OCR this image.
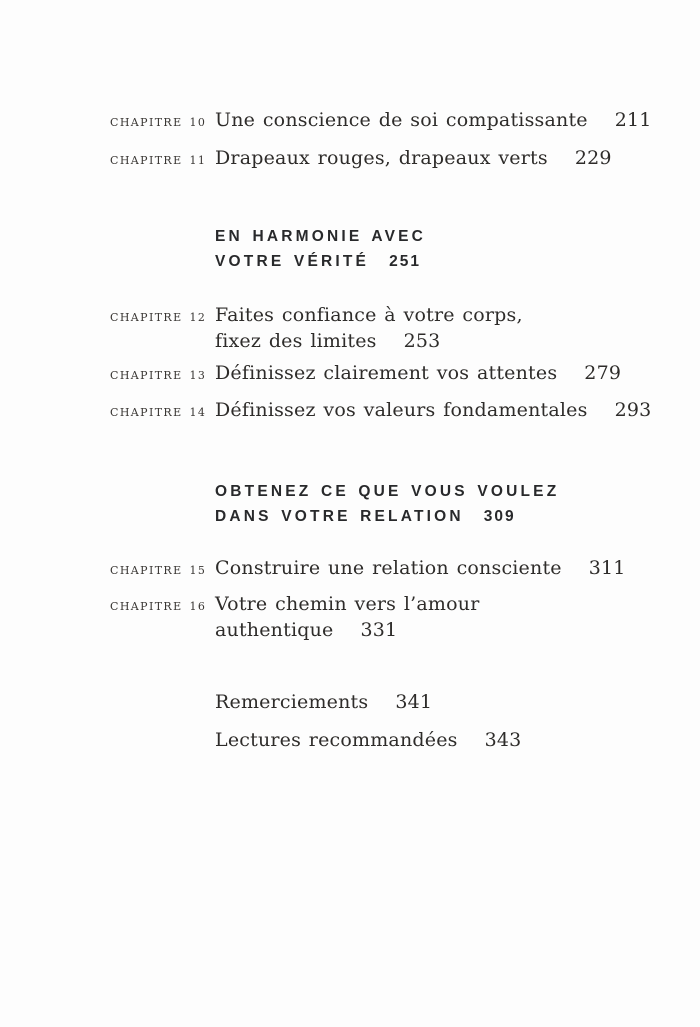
CHAPITRE 10 Une conscience de soi compatissante 211
CHAPITRE 11 Drapeaux rouges, drapeaux verts 229
EN HARMONIE AVEC
VOTRE VÉRITÉ 251
CHAPITRE 12 Faites confiance à votre corps,
fixez des limites 253
CHAPITRE 13 Définissez clairement vos attentes 279
CHAPITRE 14 Définissez vos valeurs fondamentales 293
OBTENEZ CE QUE VOUS VOULEZ
DANS VOTRE RELATION 309
CHAPITRE 15 Construire une relation consciente 311
CHAPITRE 16 Votre chemin vers l’amour authentique 331
Remerciements 341
Lectures recommandées 343
